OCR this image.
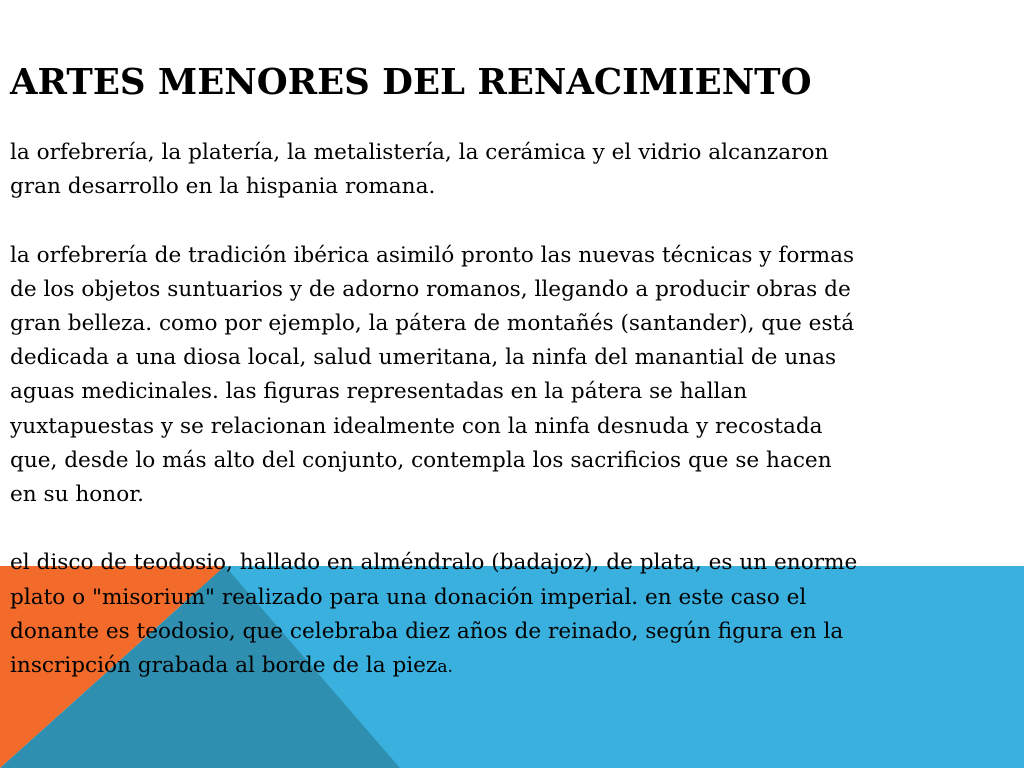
ARTES MENORES DEL RENACIMIENTO

la orfebrería, la platería, la metalistería, la cerámica y el vidrio alcanzaron
gran desarrollo en la hispania romana.

la orfebrería de tradición ibérica asimiló pronto las nuevas técnicas y formas
de los objetos suntuarios y de adorno romanos, llegando a producir obras de
gran belleza. como por ejemplo, la pátera de montañés (santander), que está
dedicada a una diosa local, salud umeritana, la ninfa del manantial de unas
aguas medicinales. las figuras representadas en la pátera se hallan
yuxtapuestas y se relacionan idealmente con la ninfa desnuda y recostada
que, desde lo más alto del conjunto, contempla los sacrificios que se hacen
en su honor.

el disco de teodosio, hallado en alméndralo (badajoz), de plata, es un enorme
plato o "misorium" realizado para una donación imperial. en este caso el
donante es teodosio, que celebraba diez años de reinado, según figura en la
inscripción grabada al borde de la pieza.
